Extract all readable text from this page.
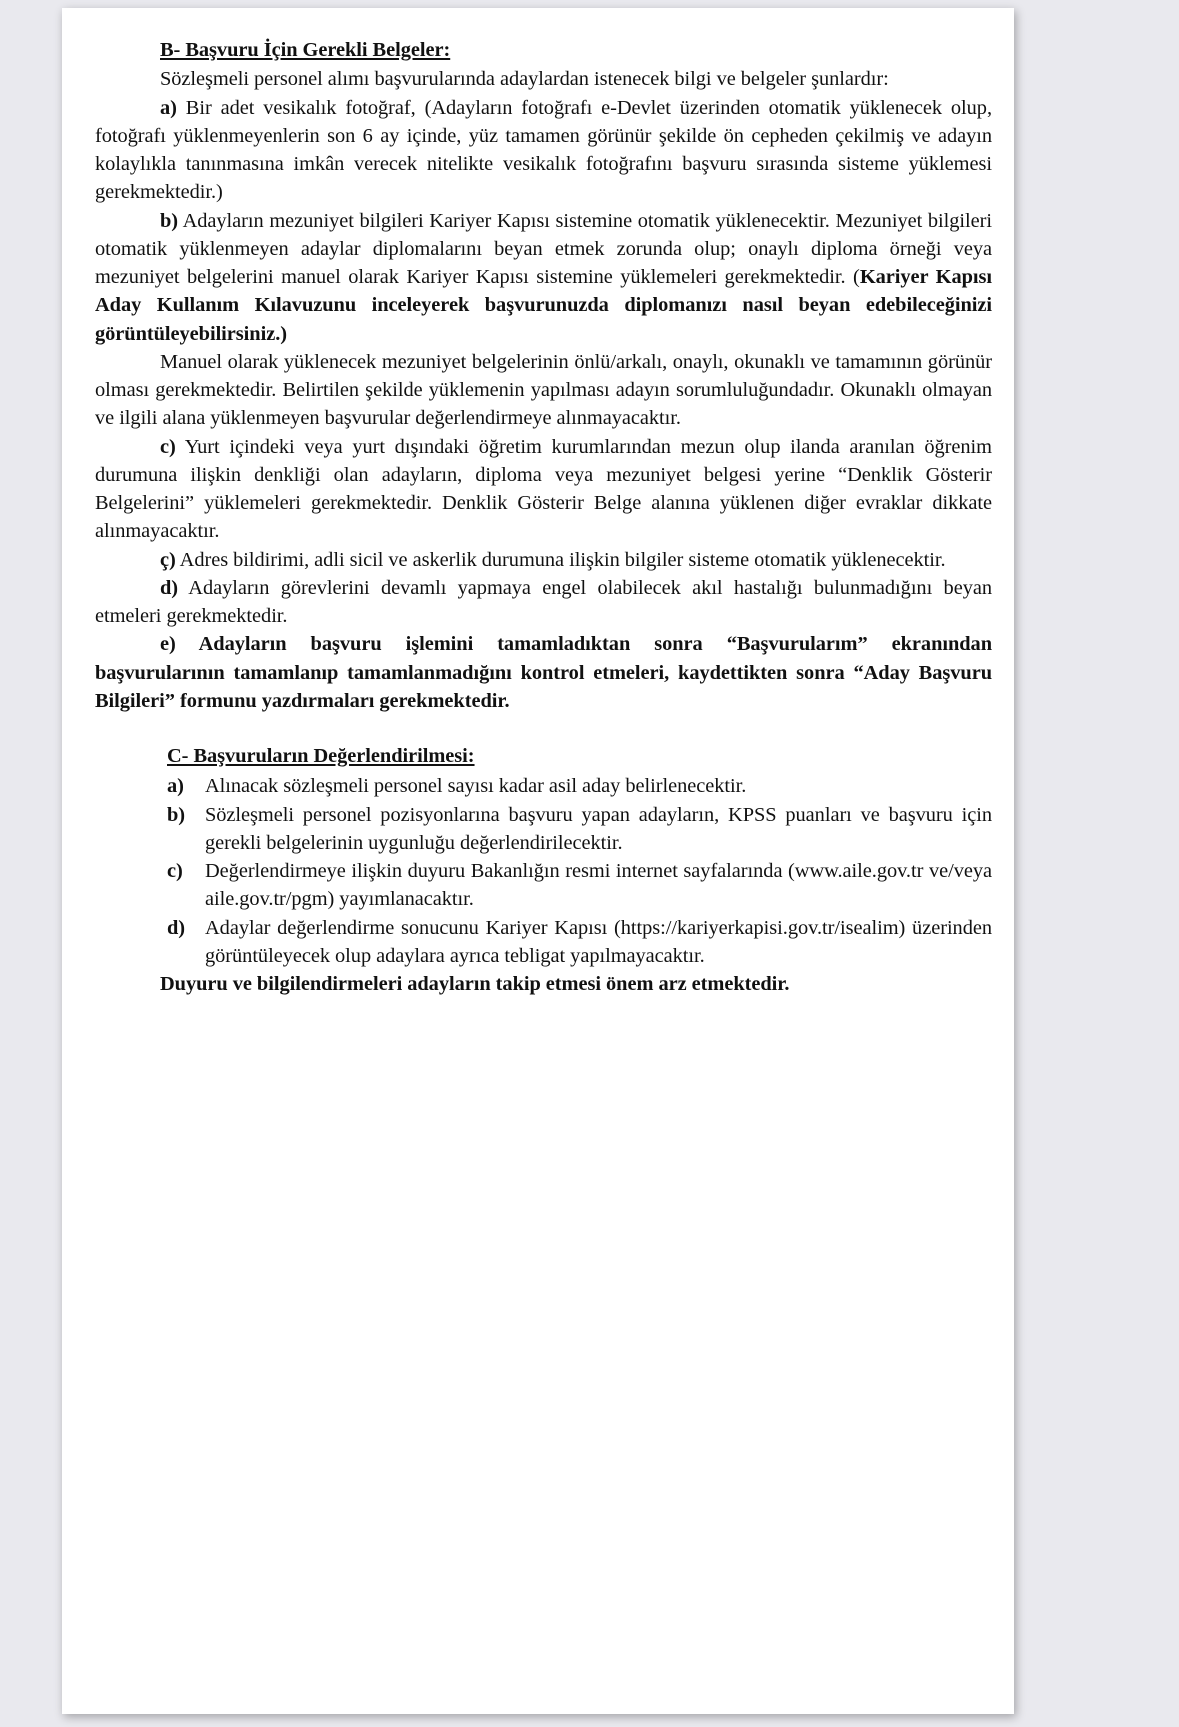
B- Başvuru İçin Gerekli Belgeler:

Sözleşmeli personel alımı başvurularında adaylardan istenecek bilgi ve belgeler şunlardır:

a) Bir adet vesikalık fotoğraf, (Adayların fotoğrafı e-Devlet üzerinden otomatik yüklenecek olup, fotoğrafı yüklenmeyenlerin son 6 ay içinde, yüz tamamen görünür şekilde ön cepheden çekilmiş ve adayın kolaylıkla tanınmasına imkân verecek nitelikte vesikalık fotoğrafını başvuru sırasında sisteme yüklemesi gerekmektedir.)

b) Adayların mezuniyet bilgileri Kariyer Kapısı sistemine otomatik yüklenecektir. Mezuniyet bilgileri otomatik yüklenmeyen adaylar diplomalarını beyan etmek zorunda olup; onaylı diploma örneği veya mezuniyet belgelerini manuel olarak Kariyer Kapısı sistemine yüklemeleri gerekmektedir. (Kariyer Kapısı Aday Kullanım Kılavuzunu inceleyerek başvurunuzda diplomanızı nasıl beyan edebileceğinizi görüntüleyebilirsiniz.)

Manuel olarak yüklenecek mezuniyet belgelerinin önlü/arkalı, onaylı, okunaklı ve tamamının görünür olması gerekmektedir. Belirtilen şekilde yüklemenin yapılması adayın sorumluluğundadır. Okunaklı olmayan ve ilgili alana yüklenmeyen başvurular değerlendirmeye alınmayacaktır.

c) Yurt içindeki veya yurt dışındaki öğretim kurumlarından mezun olup ilanda aranılan öğrenim durumuna ilişkin denkliği olan adayların, diploma veya mezuniyet belgesi yerine “Denklik Gösterir Belgelerini” yüklemeleri gerekmektedir. Denklik Gösterir Belge alanına yüklenen diğer evraklar dikkate alınmayacaktır.

ç) Adres bildirimi, adli sicil ve askerlik durumuna ilişkin bilgiler sisteme otomatik yüklenecektir.

d) Adayların görevlerini devamlı yapmaya engel olabilecek akıl hastalığı bulunmadığını beyan etmeleri gerekmektedir.

e) Adayların başvuru işlemini tamamladıktan sonra “Başvurularım” ekranından başvurularının tamamlanıp tamamlanmadığını kontrol etmeleri, kaydettikten sonra “Aday Başvuru Bilgileri” formunu yazdırmaları gerekmektedir.

C- Başvuruların Değerlendirilmesi:
a)	Alınacak sözleşmeli personel sayısı kadar asil aday belirlenecektir.
b) Sözleşmeli personel pozisyonlarına başvuru yapan adayların, KPSS puanları ve başvuru için gerekli belgelerinin uygunluğu değerlendirilecektir.
c)	Değerlendirmeye ilişkin duyuru Bakanlığın resmi internet sayfalarında (www.aile.gov.tr ve/veya aile.gov.tr/pgm) yayımlanacaktır.
d) Adaylar değerlendirme sonucunu Kariyer Kapısı (https://kariyerkapisi.gov.tr/isealim) üzerinden görüntüleyecek olup adaylara ayrıca tebligat yapılmayacaktır.

Duyuru ve bilgilendirmeleri adayların takip etmesi önem arz etmektedir.
